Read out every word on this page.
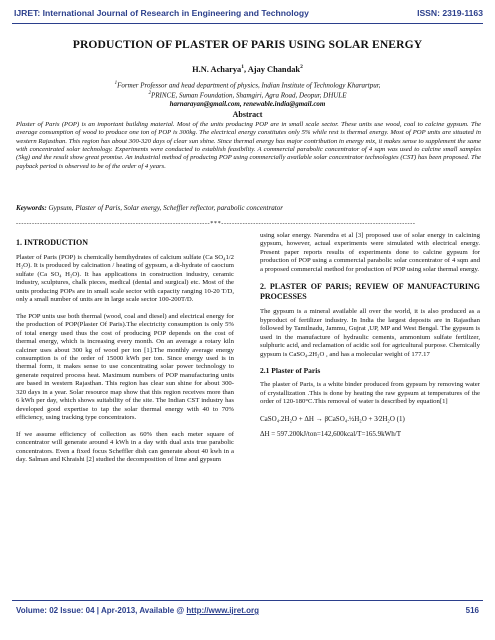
IJRET: International Journal of Research in Engineering and Technology	ISSN: 2319-1163
PRODUCTION OF PLASTER OF PARIS USING SOLAR ENERGY
H.N. Acharya$^1$, Ajay Chandak$^2$
$^1$Former Professor and head department of physics, Indian Institute of Technology Kharartpur,
$^2$PRINCE, Suman Foundation, Shamgiri, Agra Road, Deopur, DHULE
harnarayan@gmail.com, renewable.india@gmail.com
Abstract
Plaster of Paris (POP) is an important building material. Most of the units producing POP are in small scale sector. These units use wood, coal to calcine gypsum. The average consumption of wood to produce one ton of POP is 300kg. The electrical energy constitutes only 5% while rest is thermal energy. Most of POP units are situated in western Rajasthan. This region has about 300-320 days of clear sun shine. Since thermal energy has major contribution in energy mix, it makes sense to supplement the same with concentrated solar technology. Experiments were conducted to establish feasibility. A commercial parabolic concentrator of 4 sqm was used to calcine small samples (5kg) and the result show great promise. An industrial method of producing POP using commercially available solar concentrator technologies (CST) has been proposed. The payback period is observed to be of the order of 4 years.
Keywords: Gypsum, Plaster of Paris, Solar energy, Scheffler reflector, parabolic concentrator
-------------------------------------------------------------------------***-------------------------------------------------------------------------
1. INTRODUCTION

Plaster of Paris (POP) is chemically hemihydrates of calcium sulfate (Ca SO₄1/2 H₂O). It is produced by calcination / heating of gypsum, a di-hydrate of caocium sulfate (Ca SO₄ H₂O). It has applications in construction industry, ceramic industry, sculptures, chalk pieces, medical (dental and surgical) etc. Most of the units producing POPs are in small scale sector with capacity ranging 10-20 T/D, only a small number of units are in large scale sector 100-200T/D.

The POP units use both thermal (wood, coal and diesel) and electrical energy for the production of POP(Plaster Of Paris).The electricity consumption is only 5% of total energy used thus the cost of producing POP depends on the cost of thermal energy, which is increasing every month. On an average a rotary kiln calciner uses about 300 kg of wood per ton [1].The monthly average energy consumption is of the order of 15000 kWh per ton. Since energy used is in thermal form, it makes sense to use concentrating solar power technology to generate required process heat. Maximum numbers of POP manufacturing units are based in western Rajasthan. This region has clear sun shine for about 300-320 days in a year. Solar resource map show that this region receives more than 6 kWh per day, which shows suitability of the site. The Indian CST industry has developed good expertise to tap the solar thermal energy with 40 to 70% efficiency, using tracking type concentrators.

If we assume efficiency of collection as 60% then each meter square of concentrator will generate around 4 kWh in a day with dual axis true parabolic concentrators. Even a fixed focus Scheffler dish can generate about 40 kwh in a day. Salman and Khraishi [2] studied the decomposition of lime and gypsum

using solar energy. Narendra et al [3] proposed use of solar energy in calcining gypsum, however, actual experiments were simulated with electrical energy. Present paper reports results of experiments done to calcine gypsum for production of POP using a commercial parabolic solar concentrator of 4 sqm and a proposed commercial method for production of POP using solar thermal energy.

2. PLASTER OF PARIS; REVIEW OF MANUFACTURING PROCESSES

The gypsum is a mineral available all over the world, it is also produced as a byproduct of fertilizer industry. In India the largest deposits are in Rajasthan followed by Tamilnadu, Jammu, Gujrat ,UP, MP and West Bengal. The gypsum is used in the manufacture of hydraulic cements, ammonium sulfate fertilizer, sulphuric acid, and reclamation of acidic soil for agricultural purpose. Chemically gypsum is CaSO₄.2H₂O , and has a molecular weight of 177.17

2.1 Plaster of Paris

The plaster of Paris, is a white binder produced from gypsum by removing water of crystallization .This is done by heating the raw gypsum at temperatures of the order of 120-180°C.This removal of water is described by equation[1]

CaSO₄.2H₂O + ΔH → βCaSO₄.½H₂O + 3⁄2H₂O (1)
ΔH = 597.200kJ/ton=142,600kcal/T=165.9kWh/T
Volume: 02 Issue: 04 | Apr-2013, Available @ http://www.ijret.org	516
